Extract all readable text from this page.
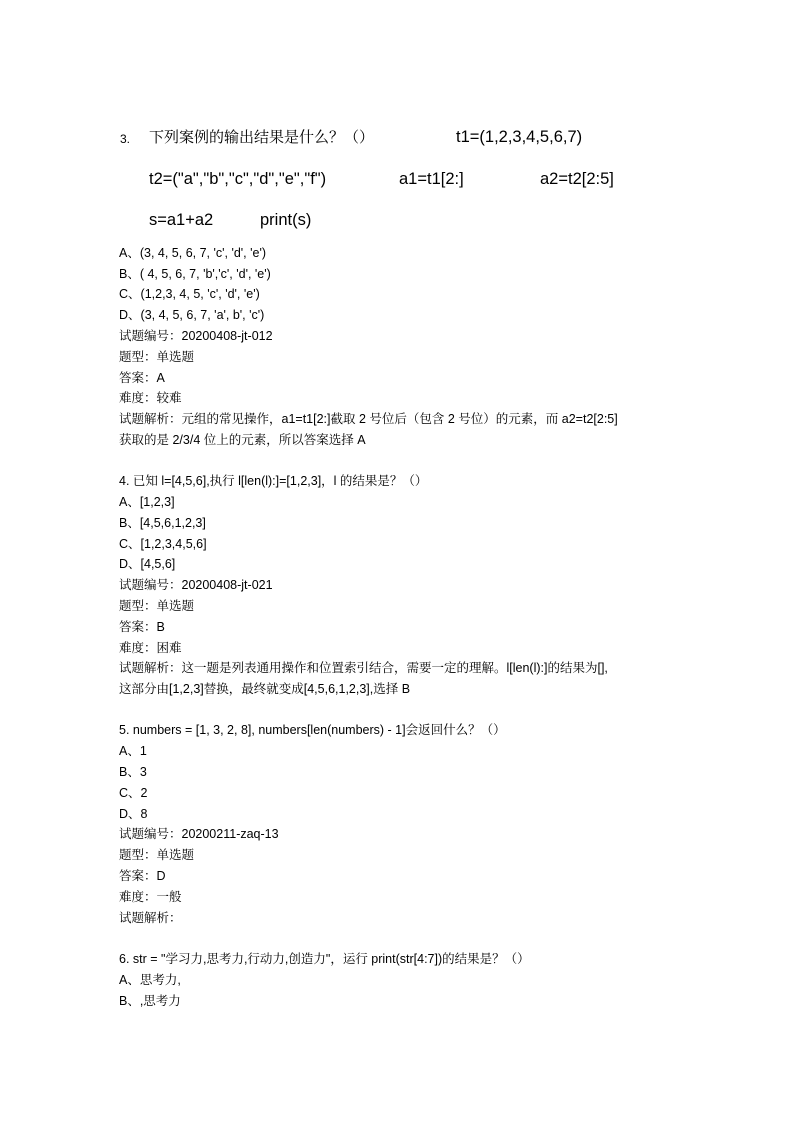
3. 下列案例的输出结果是什么？（）	t1=(1,2,3,4,5,6,7)
t2=("a","b","c","d","e","f")	a1=t1[2:]	a2=t2[2:5]
s=a1+a2	print(s)
A、(3, 4, 5, 6, 7, 'c', 'd', 'e')
B、( 4, 5, 6, 7, 'b','c', 'd', 'e')
C、(1,2,3, 4, 5, 'c', 'd', 'e')
D、(3, 4, 5, 6, 7, 'a', b', 'c')
试题编号：20200408-jt-012
题型：单选题
答案：A
难度：较难
试题解析：元组的常见操作，a1=t1[2:]截取 2 号位后（包含 2 号位）的元素，而 a2=t2[2:5]
获取的是 2/3/4 位上的元素，所以答案选择 A
4. 已知 l=[4,5,6],执行 l[len(l):]=[1,2,3]，l 的结果是？（）
A、[1,2,3]
B、[4,5,6,1,2,3]
C、[1,2,3,4,5,6]
D、[4,5,6]
试题编号：20200408-jt-021
题型：单选题
答案：B
难度：困难
试题解析：这一题是列表通用操作和位置索引结合，需要一定的理解。l[len(l):]的结果为[],
这部分由[1,2,3]替换，最终就变成[4,5,6,1,2,3],选择 B
5. numbers = [1, 3, 2, 8], numbers[len(numbers) - 1]会返回什么？（）
A、1
B、3
C、2
D、8
试题编号：20200211-zaq-13
题型：单选题
答案：D
难度：一般
试题解析：
6. str = "学习力,思考力,行动力,创造力"，运行 print(str[4:7])的结果是？（）
A、思考力,
B、,思考力
